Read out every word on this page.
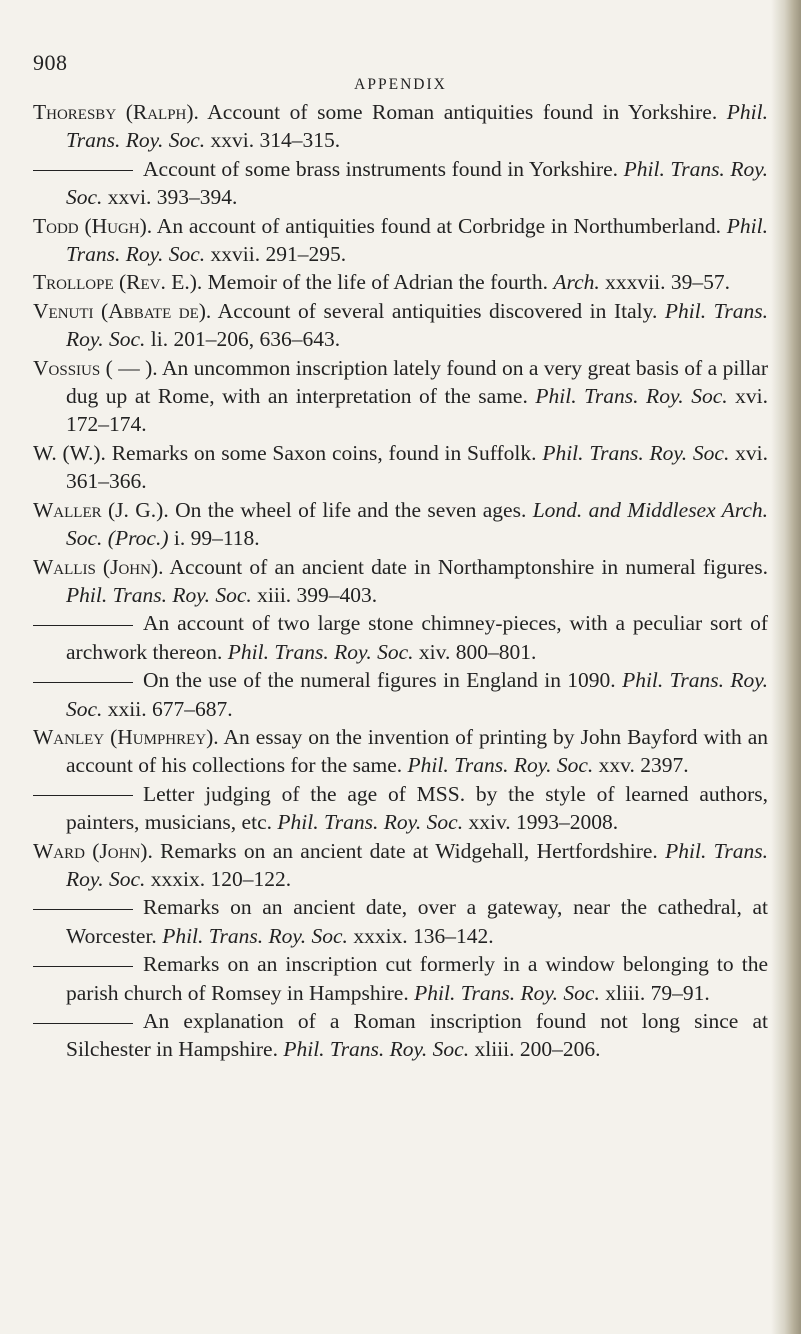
908
APPENDIX
Thoresby (Ralph). Account of some Roman antiquities found in Yorkshire. Phil. Trans. Roy. Soc. xxvi. 314–315.
Account of some brass instruments found in Yorkshire. Phil. Trans. Roy. Soc. xxvi. 393–394.
Todd (Hugh). An account of antiquities found at Corbridge in Northumberland. Phil. Trans. Roy. Soc. xxvii. 291–295.
Trollope (Rev. E.). Memoir of the life of Adrian the fourth. Arch. xxxvii. 39–57.
Venuti (Abbate de). Account of several antiquities discovered in Italy. Phil. Trans. Roy. Soc. li. 201–206, 636–643.
Vossius ( — ). An uncommon inscription lately found on a very great basis of a pillar dug up at Rome, with an interpretation of the same. Phil. Trans. Roy. Soc. xvi. 172–174.
W. (W.). Remarks on some Saxon coins, found in Suffolk. Phil. Trans. Roy. Soc. xvi. 361–366.
Waller (J. G.). On the wheel of life and the seven ages. Lond. and Middlesex Arch. Soc. (Proc.) i. 99–118.
Wallis (John). Account of an ancient date in Northamptonshire in numeral figures. Phil. Trans. Roy. Soc. xiii. 399–403.
An account of two large stone chimney-pieces, with a peculiar sort of archwork thereon. Phil. Trans. Roy. Soc. xiv. 800–801.
On the use of the numeral figures in England in 1090. Phil. Trans. Roy. Soc. xxii. 677–687.
Wanley (Humphrey). An essay on the invention of printing by John Bayford with an account of his collections for the same. Phil. Trans. Roy. Soc. xxv. 2397.
Letter judging of the age of MSS. by the style of learned authors, painters, musicians, etc. Phil. Trans. Roy. Soc. xxiv. 1993–2008.
Ward (John). Remarks on an ancient date at Widgehall, Hertfordshire. Phil. Trans. Roy. Soc. xxxix. 120–122.
Remarks on an ancient date, over a gateway, near the cathedral, at Worcester. Phil. Trans. Roy. Soc. xxxix. 136–142.
Remarks on an inscription cut formerly in a window belonging to the parish church of Romsey in Hampshire. Phil. Trans. Roy. Soc. xliii. 79–91.
An explanation of a Roman inscription found not long since at Silchester in Hampshire. Phil. Trans. Roy. Soc. xliii. 200–206.
